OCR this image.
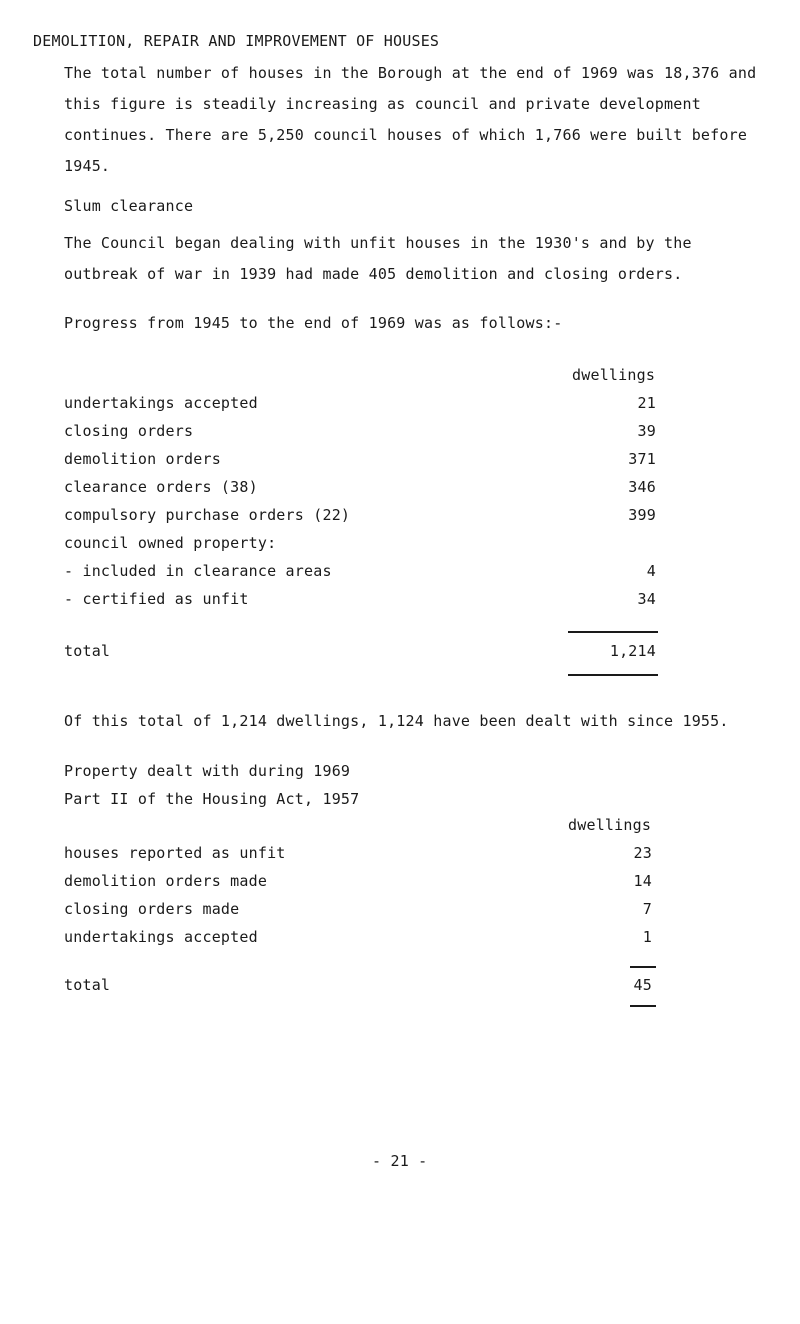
DEMOLITION, REPAIR AND IMPROVEMENT OF HOUSES
The total number of houses in the Borough at the end of 1969 was 18,376 and this figure is steadily increasing as council and private development continues. There are 5,250 council houses of which 1,766 were built before 1945.
Slum clearance
The Council began dealing with unfit houses in the 1930's and by the outbreak of war in 1939 had made 405 demolition and closing orders.
Progress from 1945 to the end of 1969 was as follows:-
dwellings
undertakings accepted	21
closing orders	39
demolition orders	371
clearance orders (38)	346
compulsory purchase orders (22)	399
council owned property:
- included in clearance areas	4
- certified as unfit	34
total	1,214
Of this total of 1,214 dwellings, 1,124 have been dealt with since 1955.
Property dealt with during 1969
Part II of the Housing Act, 1957
dwellings
houses reported as unfit	23
demolition orders made	14
closing orders made	7
undertakings accepted	1
total	45
- 21 -
